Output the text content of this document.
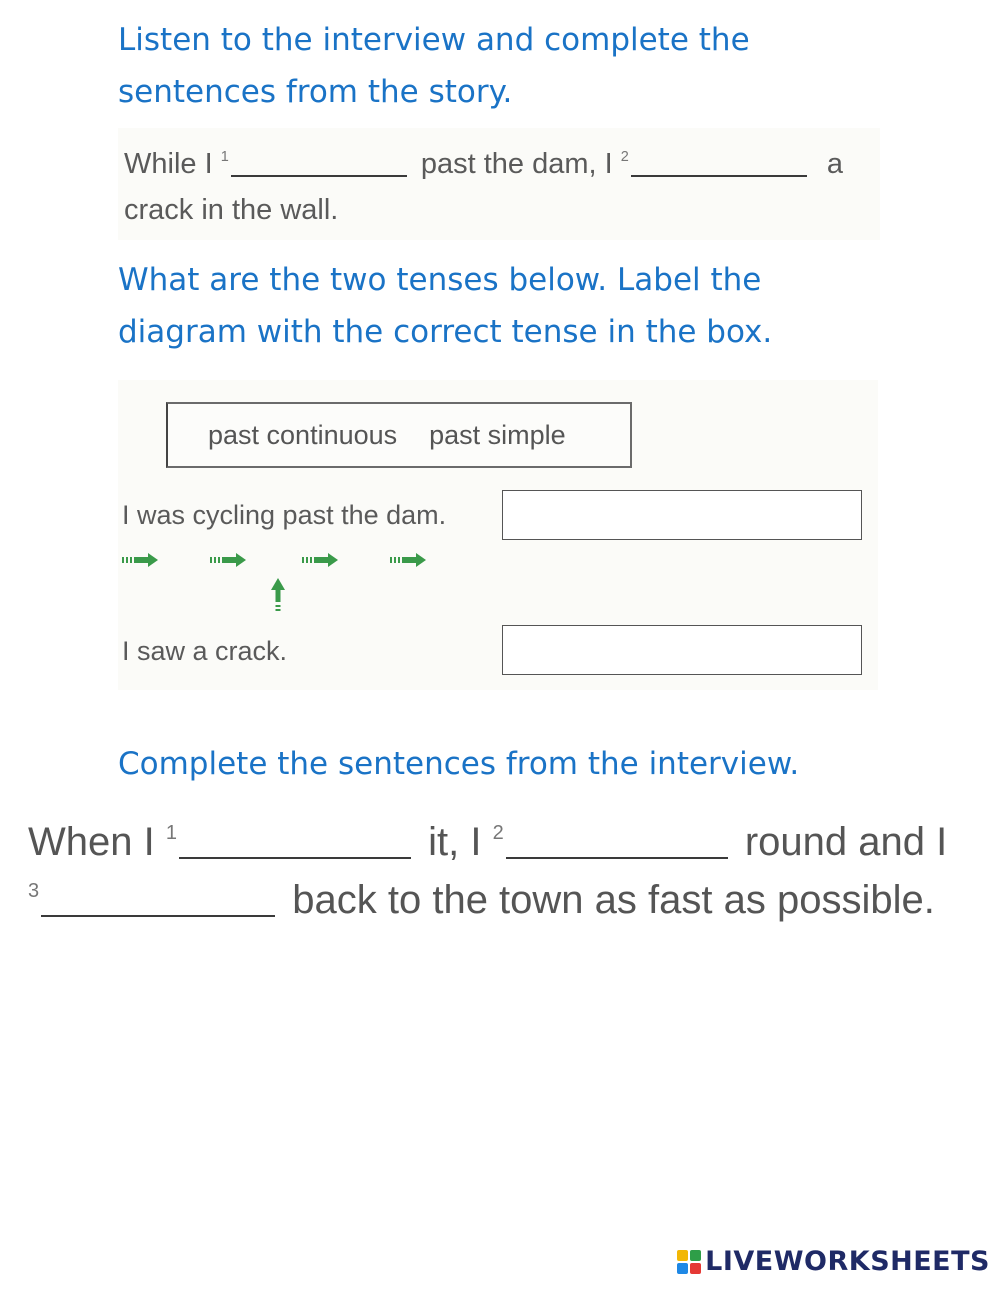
Listen to the interview and complete the
sentences from the story.
While I $^1$	past the dam, I $^2$	a
crack in the wall.
What are the two tenses below. Label the
diagram with the correct tense in the box.
past continuous past simple
I was cycling past the dam.
I saw a crack.
Complete the sentences from the interview.
When I $^1$	it, I $^2$	round and I
$^3$	back to the town as fast as possible.
LIVEWORKSHEETS
